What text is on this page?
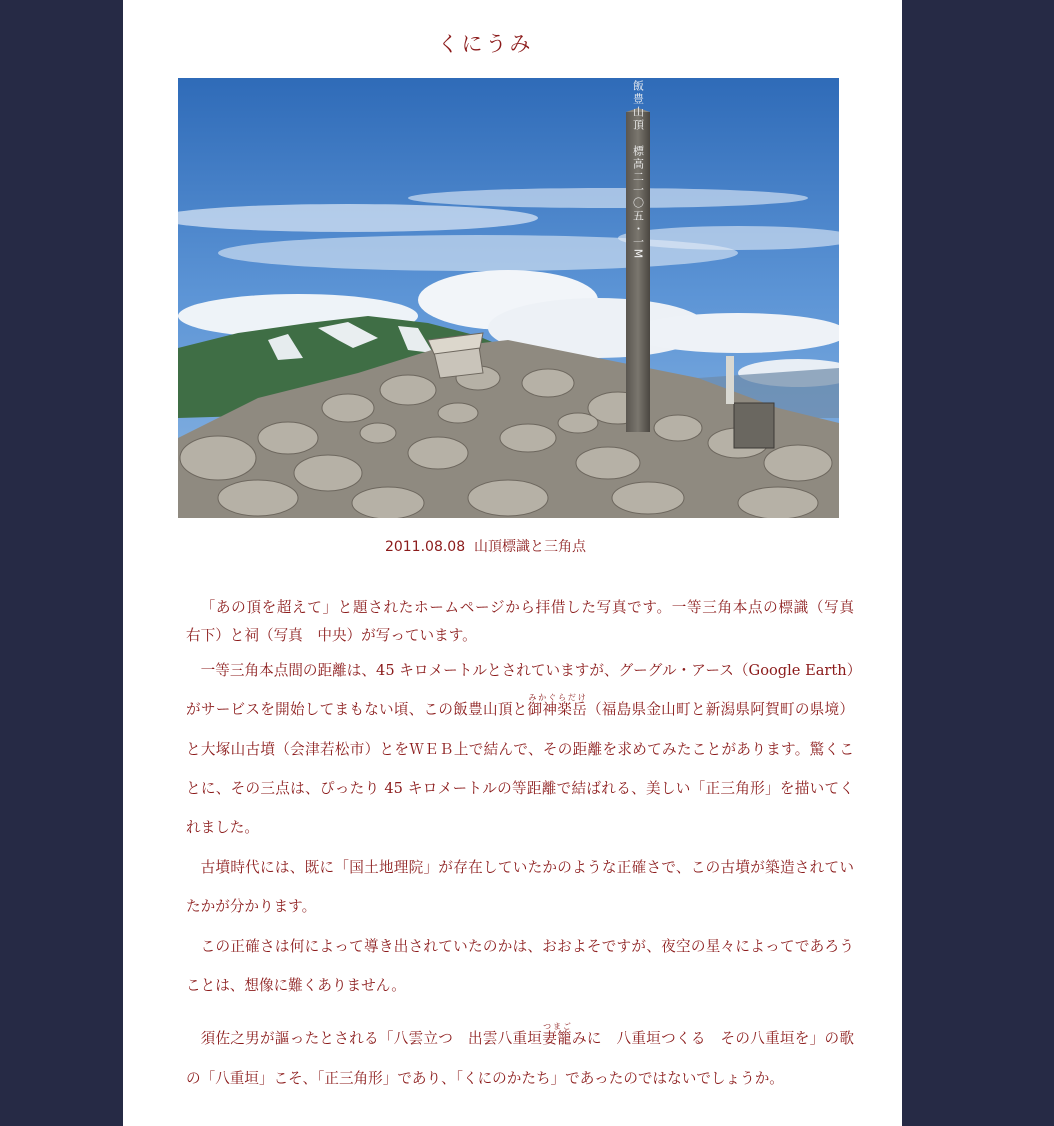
くにうみ
飯豊山頂　標高二一〇五・一M
2011.08.08 山頂標識と三角点

「あの頂を超えて」と題されたホームページから拝借した写真です。一等三角本点の標識（写真　右下）と祠（写真　中央）が写っています。

一等三角本点間の距離は、45 キロメートルとされていますが、グーグル・アース（Google Earth）がサービスを開始してまもない頃、この飯豊山頂と御神楽岳みかぐらだけ（福島県金山町と新潟県阿賀町の県境）と大塚山古墳（会津若松市）とをＷＥＢ上で結んで、その距離を求めてみたことがあります。驚くことに、その三点は、ぴったり 45 キロメートルの等距離で結ばれる、美しい「正三角形」を描いてくれました。

古墳時代には、既に「国土地理院」が存在していたかのような正確さで、この古墳が築造されていたかが分かります。

この正確さは何によって導き出されていたのかは、おおよそですが、夜空の星々によってであろうことは、想像に難くありません。

須佐之男が謳ったとされる「八雲立つ　出雲八重垣妻籠つまごみに　八重垣つくる　その八重垣を」の歌の「八重垣」こそ、「正三角形」であり、「くにのかたち」であったのではないでしょうか。
